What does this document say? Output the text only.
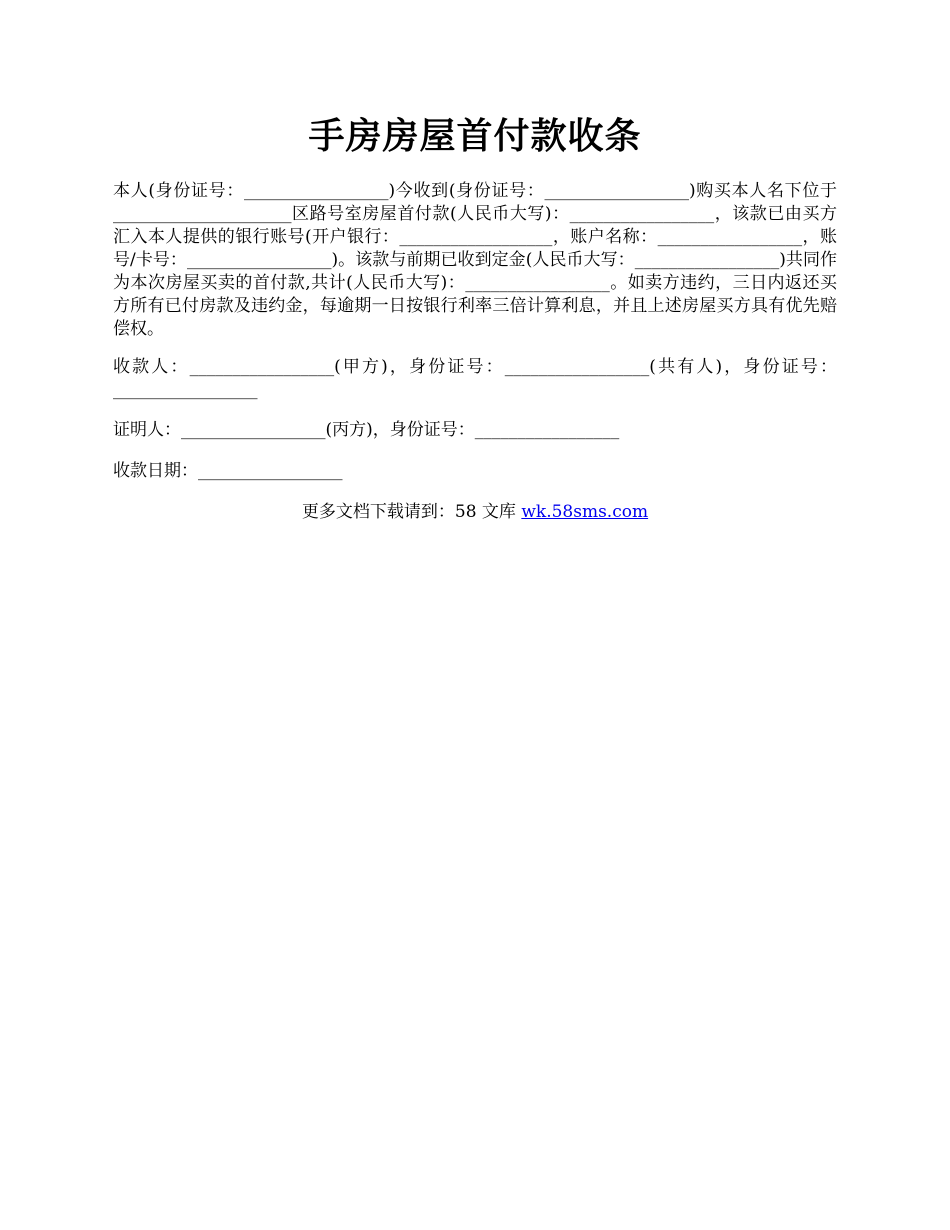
手房房屋首付款收条

本人(身份证号：_________________)今收到(身份证号：_________________)购买本人名下位于_____________________区路号室房屋首付款(人民币大写)：_________________，该款已由买方汇入本人提供的银行账号(开户银行：__________________，账户名称：_________________，账号/卡号：_________________)。该款与前期已收到定金(人民币大写：_________________)共同作为本次房屋买卖的首付款,共计(人民币大写)：_________________。如卖方违约，三日内返还买方所有已付房款及违约金，每逾期一日按银行利率三倍计算利息，并且上述房屋买方具有优先赔偿权。

收款人：_________________(甲方)，身份证号：_________________(共有人)，身份证号：_________________

证明人：_________________(丙方)，身份证号：_________________

收款日期：_________________

更多文档下载请到：58 文库 wk.58sms.com
